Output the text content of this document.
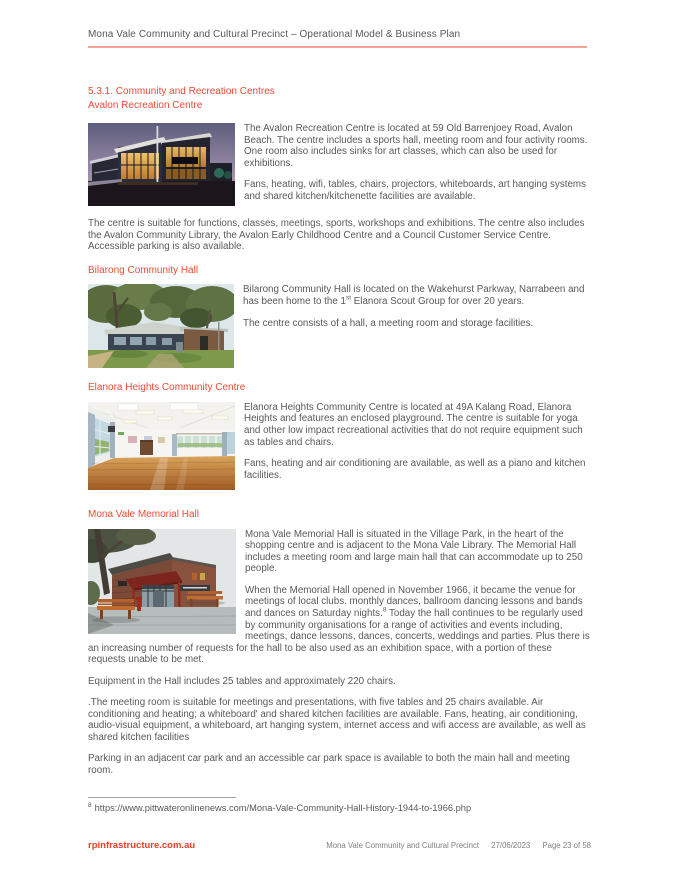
Mona Vale Community and Cultural Precinct – Operational Model & Business Plan
5.3.1. Community and Recreation Centres
Avalon Recreation Centre

The Avalon Recreation Centre is located at 59 Old Barrenjoey Road, Avalon Beach. The centre includes a sports hall, meeting room and four activity rooms. One room also includes sinks for art classes, which can also be used for exhibitions.

Fans, heating, wifi, tables, chairs, projectors, whiteboards, art hanging systems and shared kitchen/kitchenette facilities are available.

The centre is suitable for functions, classes, meetings, sports, workshops and exhibitions. The centre also includes the Avalon Community Library, the Avalon Early Childhood Centre and a Council Customer Service Centre. Accessible parking is also available.

Bilarong Community Hall

Bilarong Community Hall is located on the Wakehurst Parkway, Narrabeen and has been home to the 1st Elanora Scout Group for over 20 years.

The centre consists of a hall, a meeting room and storage facilities.

Elanora Heights Community Centre

Elanora Heights Community Centre is located at 49A Kalang Road, Elanora Heights and features an enclosed playground. The centre is suitable for yoga and other low impact recreational activities that do not require equipment such as tables and chairs.

Fans, heating and air conditioning are available, as well as a piano and kitchen facilities.

Mona Vale Memorial Hall

Mona Vale Memorial Hall is situated in the Village Park, in the heart of the shopping centre and is adjacent to the Mona Vale Library. The Memorial Hall includes a meeting room and large main hall that can accommodate up to 250 people.

When the Memorial Hall opened in November 1966, it became the venue for meetings of local clubs. monthly dances, ballroom dancing lessons and bands and dances on Saturday nights.$^8$ Today the hall continues to be regularly used by community organisations for a range of activities and events including, meetings, dance lessons, dances, concerts, weddings and parties. Plus there is an increasing number of requests for the hall to be also used as an exhibition space, with a portion of these requests unable to be met.

Equipment in the Hall includes 25 tables and approximately 220 chairs.

.The meeting room is suitable for meetings and presentations, with five tables and 25 chairs available. Air conditioning and heating; a whiteboard' and shared kitchen facilities are available. Fans, heating, air conditioning, audio-visual equipment, a whiteboard, art hanging system, internet access and wifi access are available, as well as shared kitchen facilities

Parking in an adjacent car park and an accessible car park space is available to both the main hall and meeting room.

$^8$ https://www.pittwateronlinenews.com/Mona-Vale-Community-Hall-History-1944-to-1966.php
rpinfrastructure.com.au	Mona Vale Community and Cultural Precinct 27/06/2023 Page 23 of 58
